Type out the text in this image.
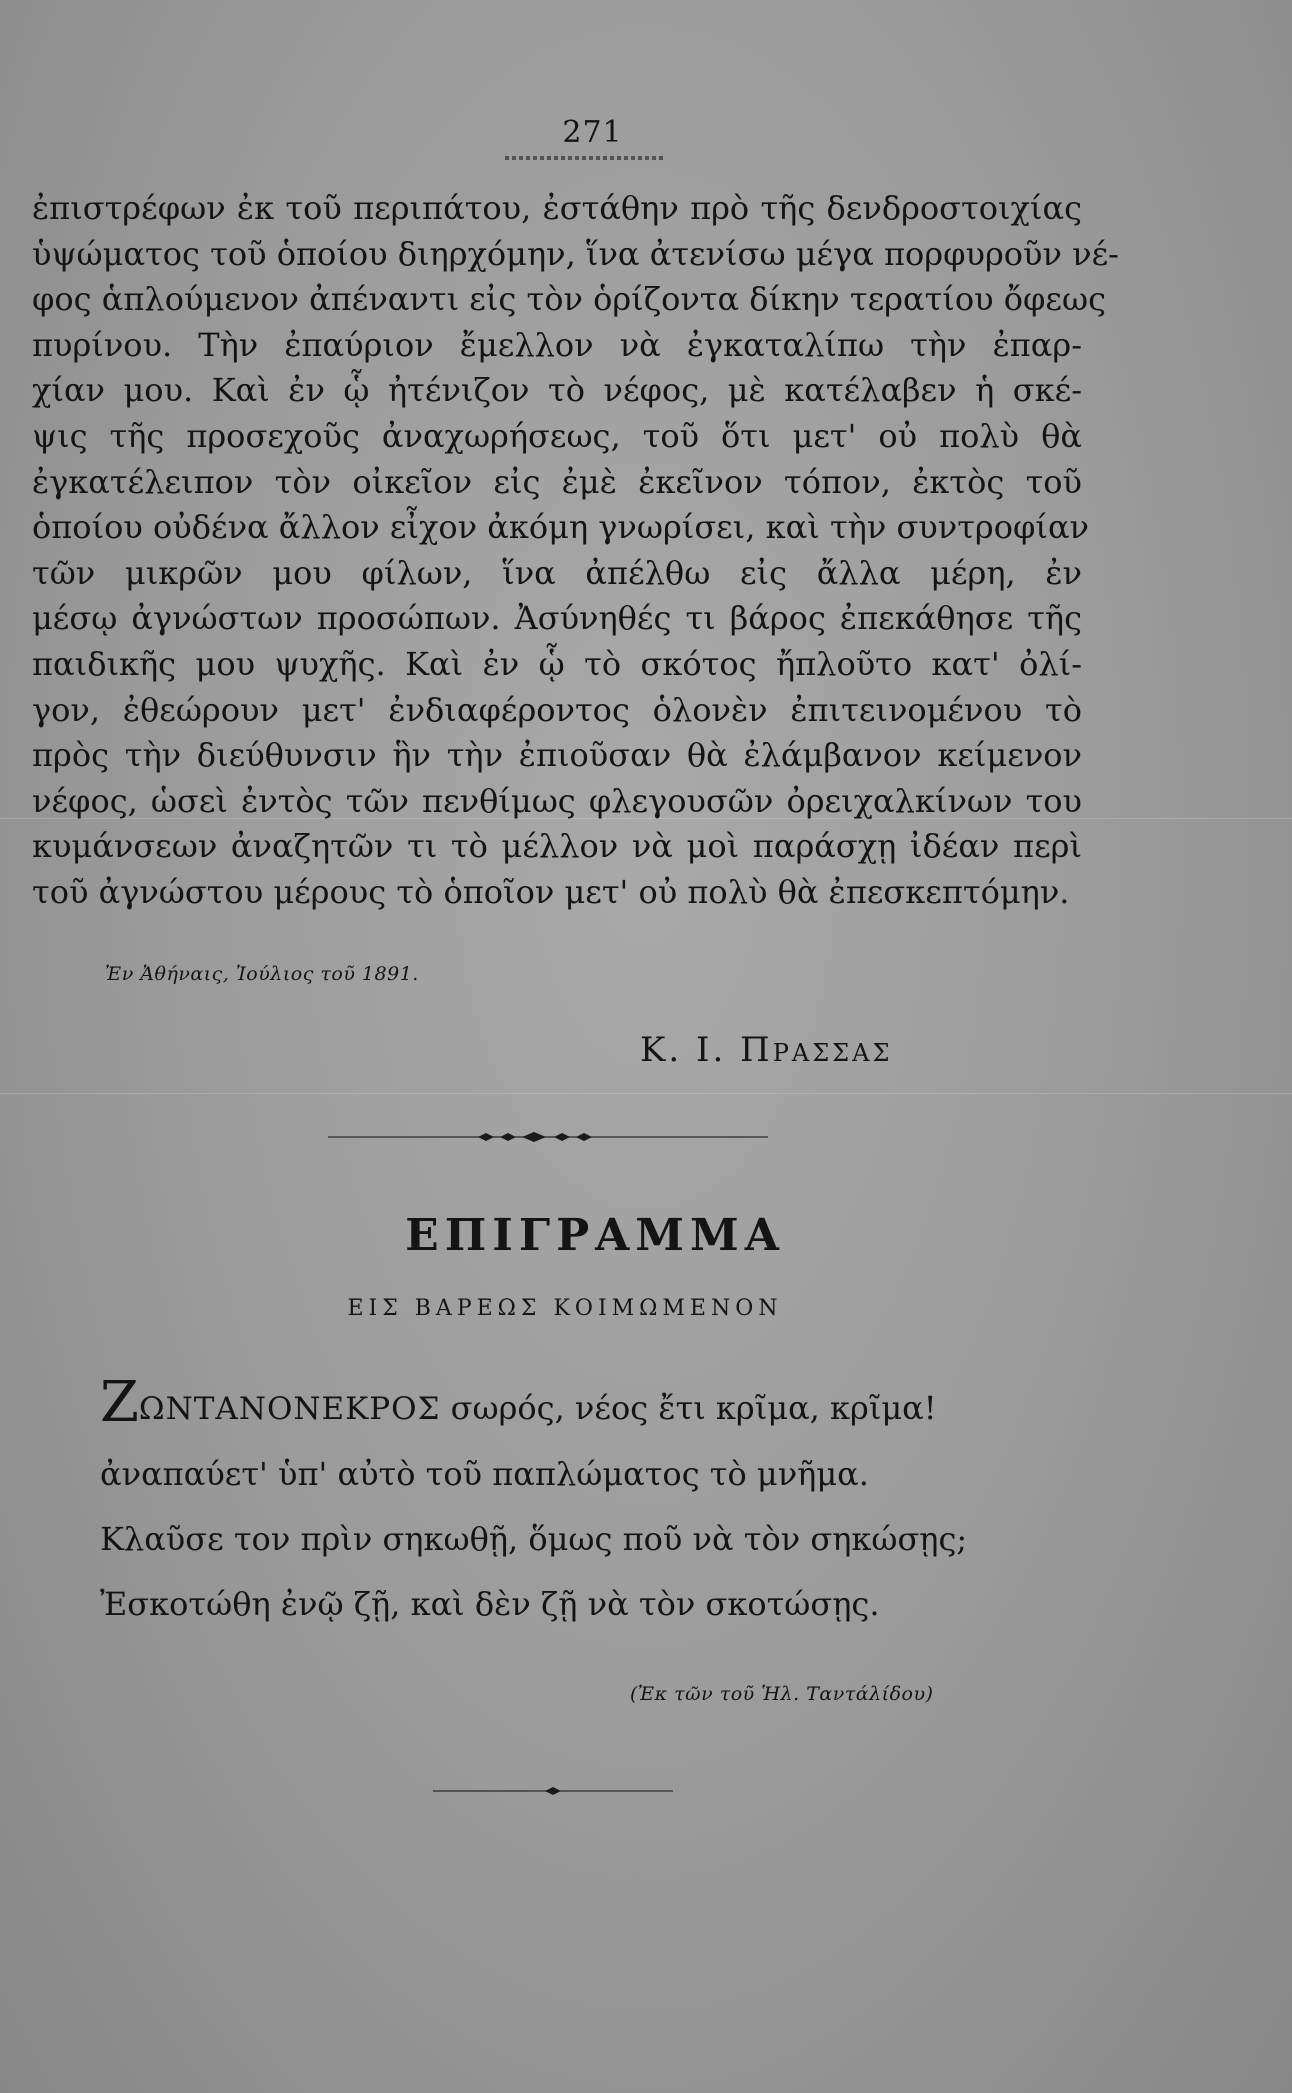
271
ἐπιστρέφων ἐκ τοῦ περιπάτου, ἐστάθην πρὸ τῆς δενδροστοιχίας
ὑψώματος τοῦ ὁποίου διηρχόμην, ἵνα ἀτενίσω μέγα πορφυροῦν νέ-
φος ἁπλούμενον ἀπέναντι εἰς τὸν ὁρίζοντα δίκην τερατίου ὄφεως
πυρίνου. Τὴν ἐπαύριον ἔμελλον νὰ ἐγκαταλίπω τὴν ἐπαρ-
χίαν μου. Καὶ ἐν ᾧ ἠτένιζον τὸ νέφος, μὲ κατέλαβεν ἡ σκέ-
ψις τῆς προσεχοῦς ἀναχωρήσεως, τοῦ ὅτι μετ' οὐ πολὺ θὰ
ἐγκατέλειπον τὸν οἰκεῖον εἰς ἐμὲ ἐκεῖνον τόπον, ἐκτὸς τοῦ
ὁποίου οὐδένα ἄλλον εἶχον ἀκόμη γνωρίσει, καὶ τὴν συντροφίαν
τῶν μικρῶν μου φίλων, ἵνα ἀπέλθω εἰς ἄλλα μέρη, ἐν
μέσῳ ἀγνώστων προσώπων. Ἀσύνηθές τι βάρος ἐπεκάθησε τῆς
παιδικῆς μου ψυχῆς. Καὶ ἐν ᾧ τὸ σκότος ἤπλοῦτο κατ' ὀλί-
γον, ἐθεώρουν μετ' ἐνδιαφέροντος ὁλονὲν ἐπιτεινομένου τὸ
πρὸς τὴν διεύθυνσιν ἣν τὴν ἐπιοῦσαν θὰ ἐλάμβανον κείμενον
νέφος, ὡσεὶ ἐντὸς τῶν πενθίμως φλεγουσῶν ὀρειχαλκίνων του
κυμάνσεων ἀναζητῶν τι τὸ μέλλον νὰ μοὶ παράσχῃ ἰδέαν περὶ
τοῦ ἀγνώστου μέρους τὸ ὁποῖον μετ' οὐ πολὺ θὰ ἐπεσκεπτόμην.
Ἐν Ἀθήναις, Ἰούλιος τοῦ 1891.
Κ. Ι. Πρασσας
ΕΠΙΓΡΑΜΜΑ
ΕΙΣ ΒΑΡΕΩΣ ΚΟΙΜΩΜΕΝΟΝ
ΖΩΝΤΑΝΟΝΕΚΡΟΣ σωρός, νέος ἔτι κρῖμα, κρῖμα!
ἀναπαύετ' ὑπ' αὐτὸ τοῦ παπλώματος τὸ μνῆμα.
Κλαῦσε τον πρὶν σηκωθῇ, ὅμως ποῦ νὰ τὸν σηκώσῃς;
Ἐσκοτώθη ἐνῷ ζῇ, καὶ δὲν ζῇ νὰ τὸν σκοτώσῃς.
(Ἐκ τῶν τοῦ Ἡλ. Ταντάλίδου)
